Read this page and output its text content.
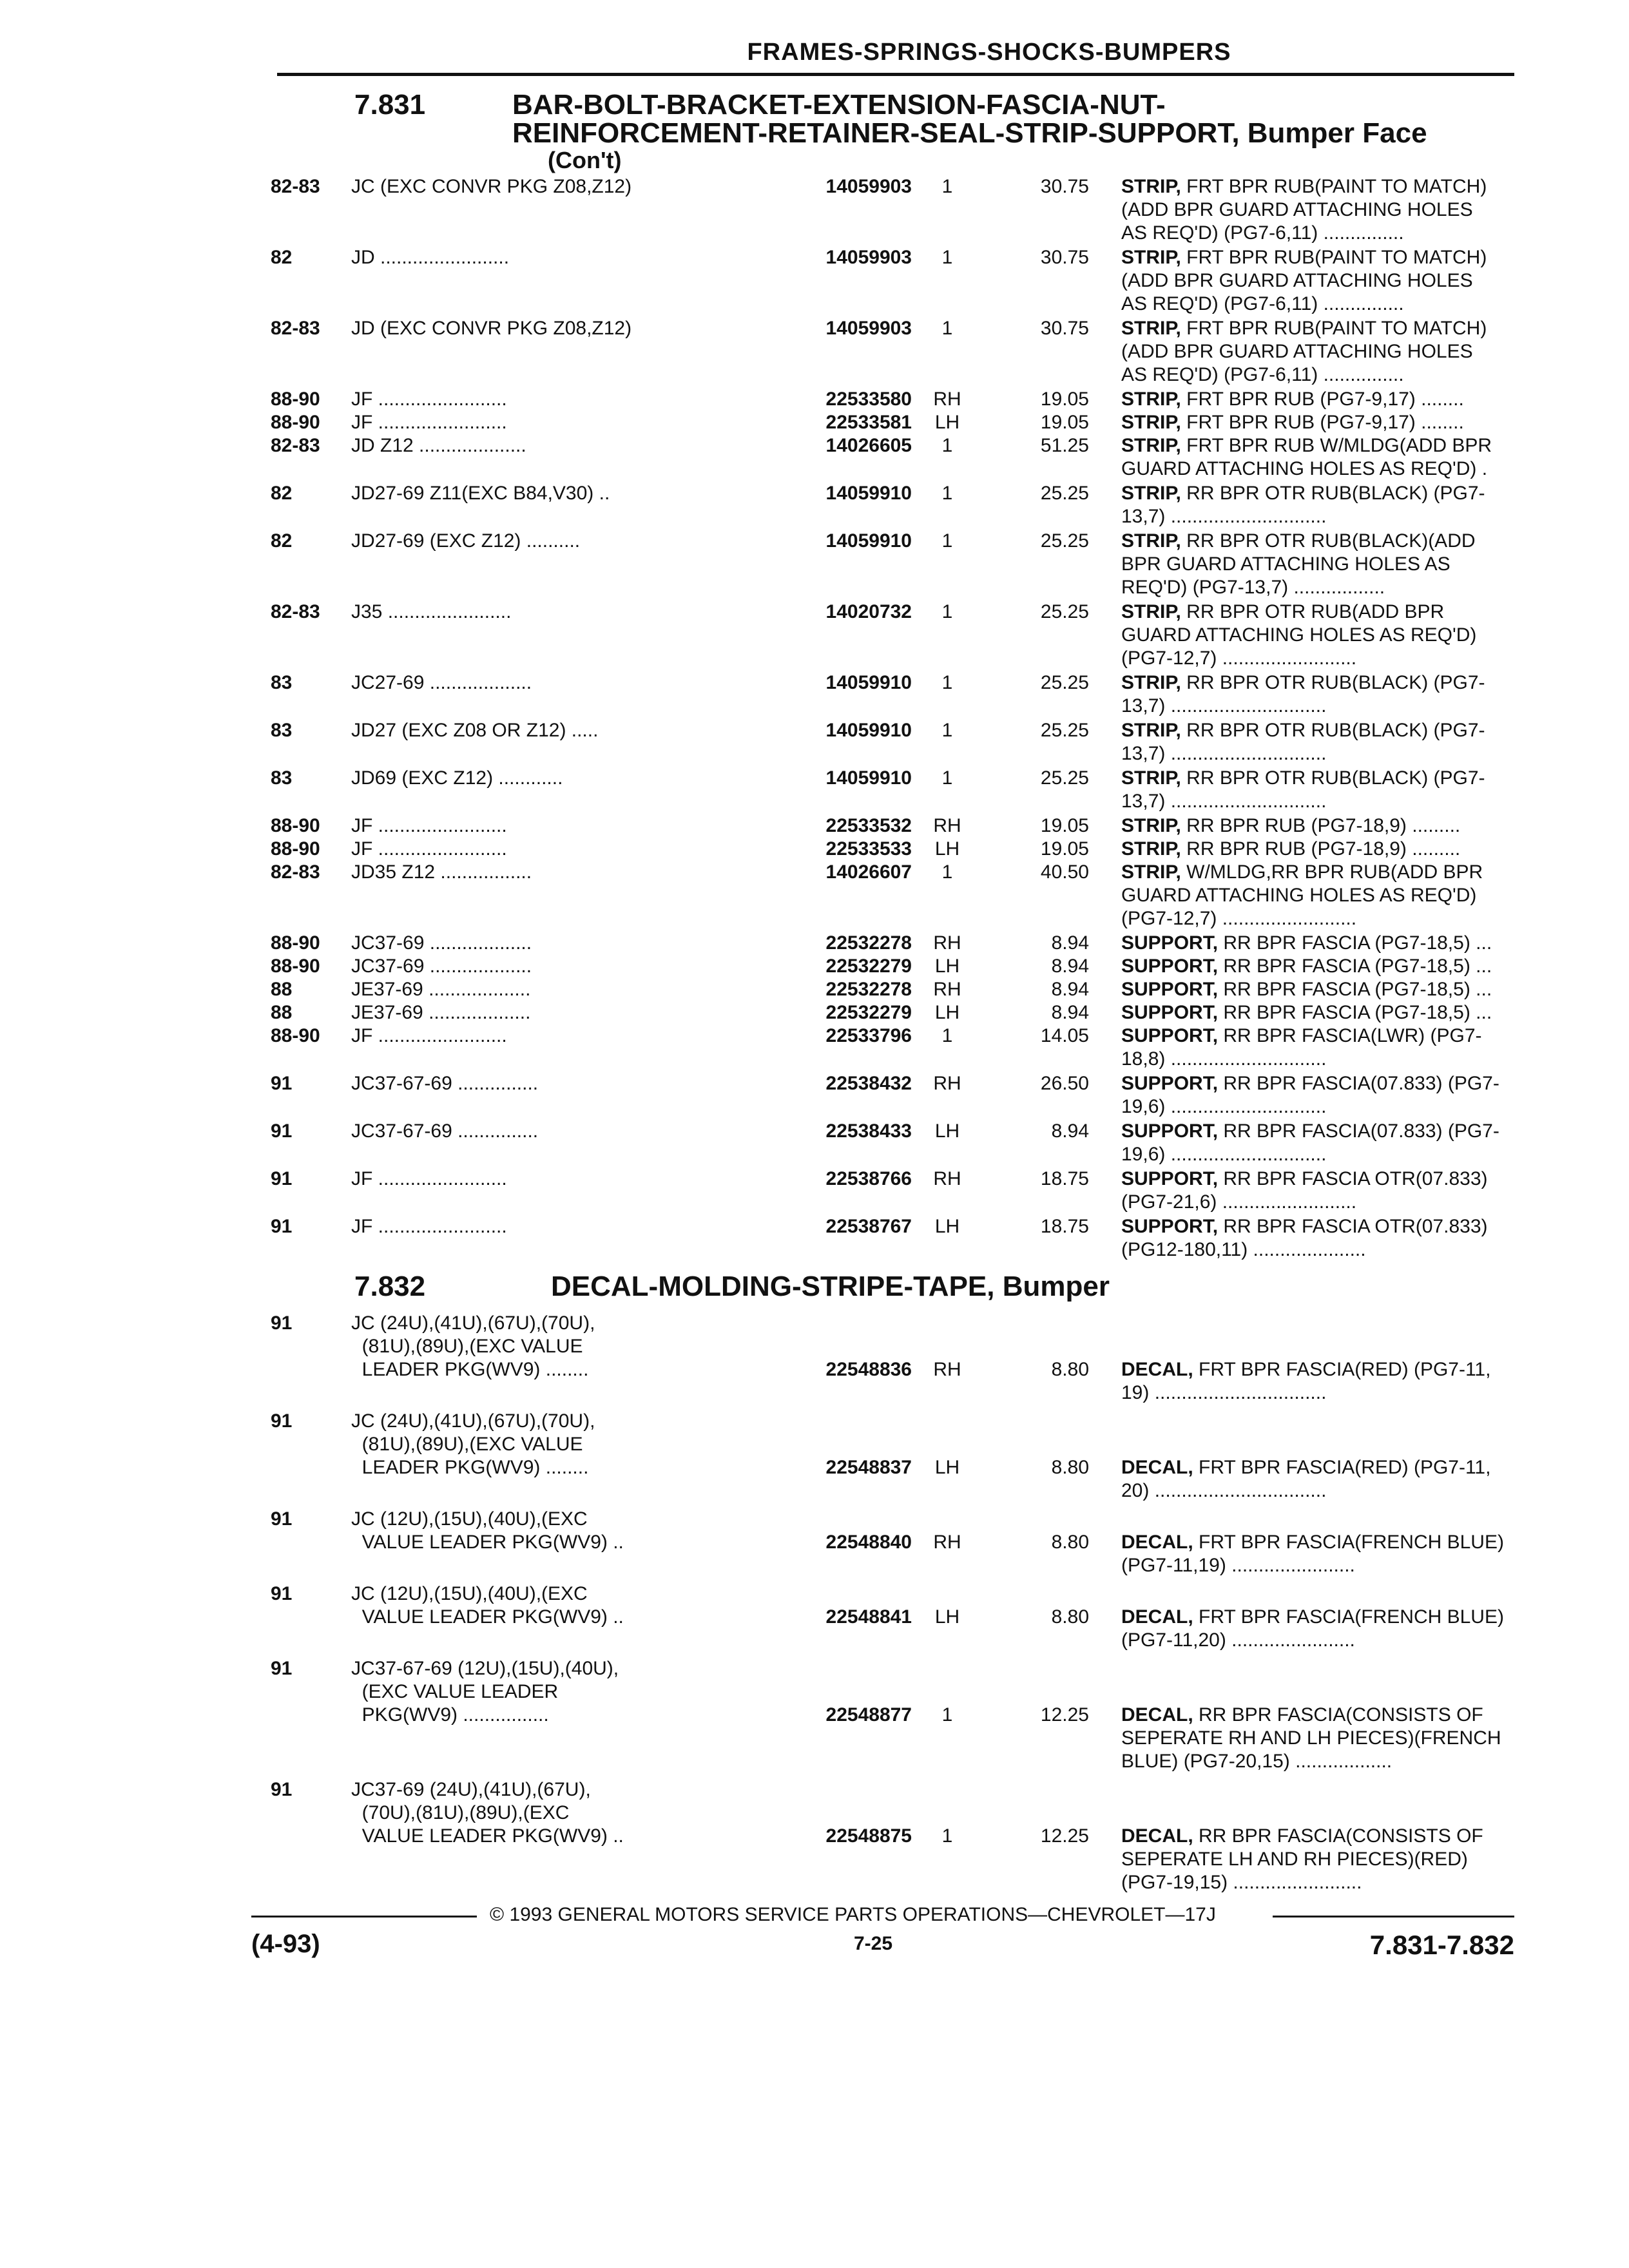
FRAMES-SPRINGS-SHOCKS-BUMPERS
7.831	BAR-BOLT-BRACKET-EXTENSION-FASCIA-NUT-
REINFORCEMENT-RETAINER-SEAL-STRIP-SUPPORT, Bumper Face
(Con't)
82-83 JC (EXC CONVR PKG Z08,Z12)	14059903	1	30.75 STRIP, FRT BPR RUB(PAINT TO MATCH)
(ADD BPR GUARD ATTACHING HOLES
AS REQ'D) (PG7-6,11) ...............
82	JD ........................	14059903	1	30.75 STRIP, FRT BPR RUB(PAINT TO MATCH)
(ADD BPR GUARD ATTACHING HOLES
AS REQ'D) (PG7-6,11) ...............
82-83 JD (EXC CONVR PKG Z08,Z12)	14059903	1	30.75 STRIP, FRT BPR RUB(PAINT TO MATCH)
(ADD BPR GUARD ATTACHING HOLES
AS REQ'D) (PG7-6,11) ...............
88-90 JF ........................	22533580	RH	19.05 STRIP, FRT BPR RUB (PG7-9,17) ........
88-90 JF ........................	22533581	LH	19.05 STRIP, FRT BPR RUB (PG7-9,17) ........
82-83 JD Z12 ....................	14026605	1	51.25 STRIP, FRT BPR RUB W/MLDG(ADD BPR
GUARD ATTACHING HOLES AS REQ'D) .
82	JD27-69 Z11(EXC B84,V30) ..	14059910	1	25.25 STRIP, RR BPR OTR RUB(BLACK) (PG7-
13,7) .............................
82	JD27-69 (EXC Z12) ..........	14059910	1	25.25 STRIP, RR BPR OTR RUB(BLACK)(ADD
BPR GUARD ATTACHING HOLES AS
REQ'D) (PG7-13,7) .................
82-83 J35 .......................	14020732	1	25.25 STRIP, RR BPR OTR RUB(ADD BPR
GUARD ATTACHING HOLES AS REQ'D)
(PG7-12,7) .........................
83	JC27-69 ...................	14059910	1	25.25 STRIP, RR BPR OTR RUB(BLACK) (PG7-
13,7) .............................
83	JD27 (EXC Z08 OR Z12) .....	14059910	1	25.25 STRIP, RR BPR OTR RUB(BLACK) (PG7-
13,7) .............................
83	JD69 (EXC Z12) ............	14059910	1	25.25 STRIP, RR BPR OTR RUB(BLACK) (PG7-
13,7) .............................
88-90 JF ........................	22533532	RH	19.05 STRIP, RR BPR RUB (PG7-18,9) .........
88-90 JF ........................	22533533	LH	19.05 STRIP, RR BPR RUB (PG7-18,9) .........
82-83 JD35 Z12 .................	14026607	1	40.50 STRIP, W/MLDG,RR BPR RUB(ADD BPR
GUARD ATTACHING HOLES AS REQ'D)
(PG7-12,7) .........................
88-90 JC37-69 ...................	22532278	RH	8.94 SUPPORT, RR BPR FASCIA (PG7-18,5) ...
88-90 JC37-69 ...................	22532279	LH	8.94 SUPPORT, RR BPR FASCIA (PG7-18,5) ...
88	JE37-69 ...................	22532278	RH	8.94 SUPPORT, RR BPR FASCIA (PG7-18,5) ...
88	JE37-69 ...................	22532279	LH	8.94 SUPPORT, RR BPR FASCIA (PG7-18,5) ...
88-90 JF ........................	22533796	1	14.05 SUPPORT, RR BPR FASCIA(LWR) (PG7-
18,8) .............................
91	JC37-67-69 ...............	22538432	RH	26.50 SUPPORT, RR BPR FASCIA(07.833) (PG7-
19,6) .............................
91	JC37-67-69 ...............	22538433	LH	8.94 SUPPORT, RR BPR FASCIA(07.833) (PG7-
19,6) .............................
91	JF ........................	22538766	RH	18.75 SUPPORT, RR BPR FASCIA OTR(07.833)
(PG7-21,6) .........................
91	JF ........................	22538767	LH	18.75 SUPPORT, RR BPR FASCIA OTR(07.833)
(PG12-180,11) .....................
7.832	DECAL-MOLDING-STRIPE-TAPE, Bumper
91	JC (24U),(41U),(67U),(70U),
(81U),(89U),(EXC VALUE
LEADER PKG(WV9) ........	22548836	RH	8.80 DECAL, FRT BPR FASCIA(RED) (PG7-11,
19) ................................
91	JC (24U),(41U),(67U),(70U),
(81U),(89U),(EXC VALUE
LEADER PKG(WV9) ........	22548837	LH	8.80 DECAL, FRT BPR FASCIA(RED) (PG7-11,
20) ................................
91	JC (12U),(15U),(40U),(EXC
VALUE LEADER PKG(WV9) ..	22548840	RH	8.80 DECAL, FRT BPR FASCIA(FRENCH BLUE)
(PG7-11,19) .......................
91	JC (12U),(15U),(40U),(EXC
VALUE LEADER PKG(WV9) ..	22548841	LH	8.80 DECAL, FRT BPR FASCIA(FRENCH BLUE)
(PG7-11,20) .......................
91	JC37-67-69 (12U),(15U),(40U),
(EXC VALUE LEADER
PKG(WV9) ................	22548877	1	12.25 DECAL, RR BPR FASCIA(CONSISTS OF
SEPERATE RH AND LH PIECES)(FRENCH
BLUE) (PG7-20,15) ..................
91	JC37-69 (24U),(41U),(67U),
(70U),(81U),(89U),(EXC
VALUE LEADER PKG(WV9) ..	22548875	1	12.25 DECAL, RR BPR FASCIA(CONSISTS OF
SEPERATE LH AND RH PIECES)(RED)
(PG7-19,15) ........................
© 1993 GENERAL MOTORS SERVICE PARTS OPERATIONS—CHEVROLET—17J
(4-93)	7-25	7.831-7.832
